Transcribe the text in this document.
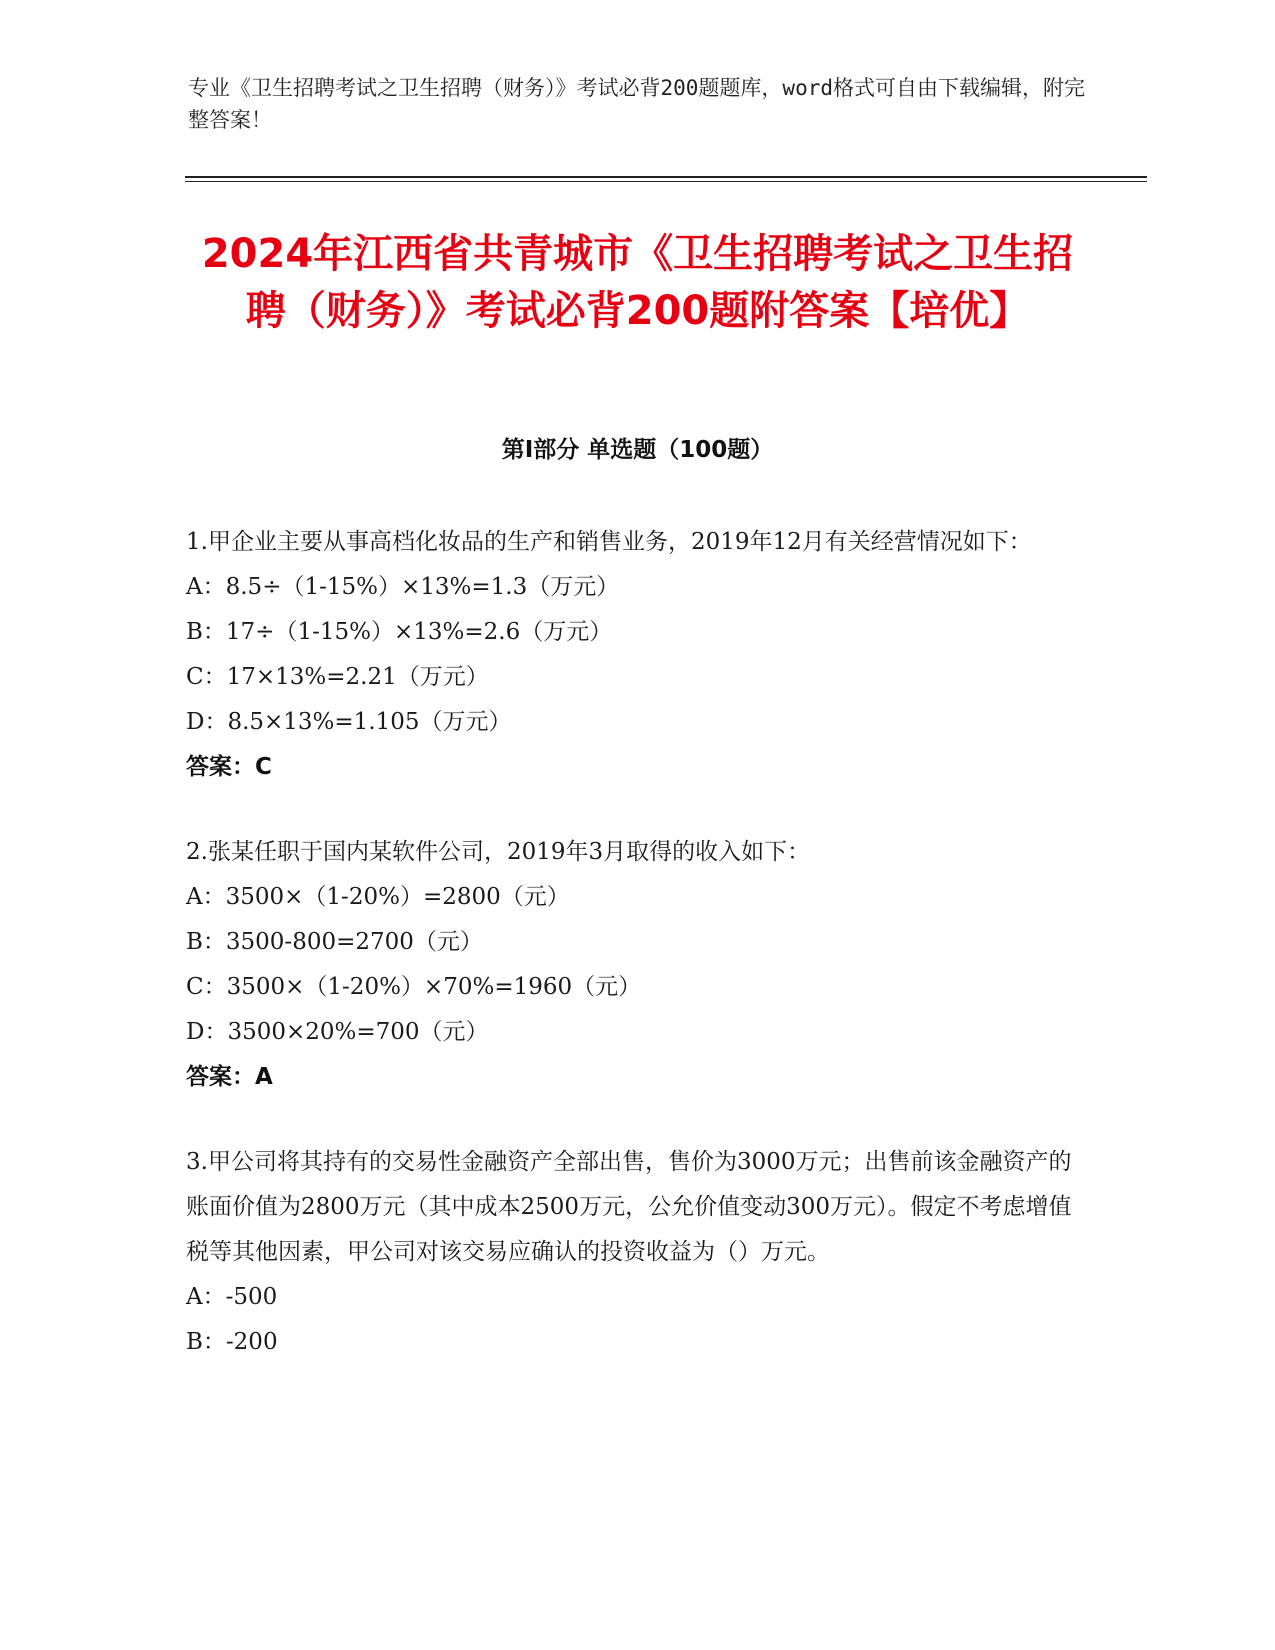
专业《卫生招聘考试之卫生招聘（财务）》考试必背200题题库，word格式可自由下载编辑，附完整答案！
2024年江西省共青城市《卫生招聘考试之卫生招聘（财务）》考试必背200题附答案【培优】
第I部分 单选题（100题）

1.甲企业主要从事高档化妆品的生产和销售业务，2019年12月有关经营情况如下：

A：8.5÷（1-15%）×13%=1.3（万元）

B：17÷（1-15%）×13%=2.6（万元）

C：17×13%=2.21（万元）

D：8.5×13%=1.105（万元）

答案：C

2.张某任职于国内某软件公司，2019年3月取得的收入如下：

A：3500×（1-20%）=2800（元）

B：3500-800=2700（元）

C：3500×（1-20%）×70%=1960（元）

D：3500×20%=700（元）

答案：A

3.甲公司将其持有的交易性金融资产全部出售，售价为3000万元；出售前该金融资产的账面价值为2800万元（其中成本2500万元，公允价值变动300万元）。假定不考虑增值税等其他因素，甲公司对该交易应确认的投资收益为（）万元。

A：-500

B：-200
